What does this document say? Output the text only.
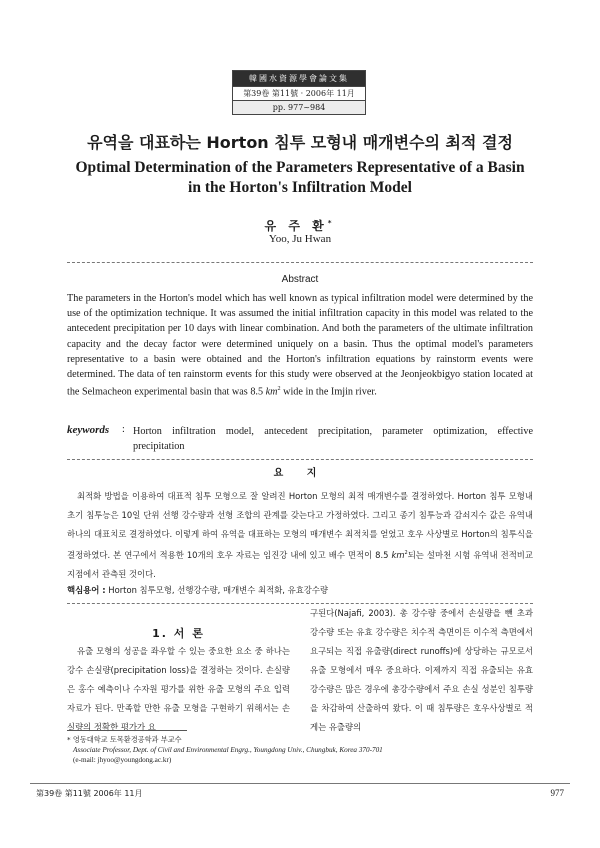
韓國水資源學會論文集
第39卷 第11號 · 2006年 11月
pp. 977~984
유역을 대표하는 Horton 침투 모형내 매개변수의 최적 결정
Optimal Determination of the Parameters Representative of a Basin
in the Horton's Infiltration Model
유 주 환*
Yoo, Ju Hwan
Abstract
The parameters in the Horton's model which has well known as typical infiltration model were determined by the use of the optimization technique. It was assumed the initial infiltration capacity in this model was related to the antecedent precipitation per 10 days with linear combination. And both the parameters of the ultimate infiltration capacity and the decay factor were determined uniquely on a basin. Thus the optimal model's parameters representative to a basin were obtained and the Horton's infiltration equations by rainstorm events were determined. The data of ten rainstorm events for this study were observed at the Jeonjeokbigyo station located at the Selmacheon experimental basin that was 8.5 $km^2$ wide in the Imjin river.
keywords : Horton infiltration model, antecedent precipitation, parameter optimization, effective precipitation
요 지

최적화 방법을 이용하여 대표적 침투 모형으로 잘 알려진 Horton 모형의 최적 매개변수를 결정하였다. Horton 침투 모형내 초기 침투능은 10일 단위 선행 강수량과 선형 조합의 관계를 갖는다고 가정하였다. 그리고 종기 침투능과 감쇠지수 값은 유역내 하나의 대표치로 결정하였다. 이렇게 하여 유역을 대표하는 모형의 매개변수 최적치를 얻었고 호우 사상별로 Horton의 침투식을 결정하였다. 본 연구에서 적용한 10개의 호우 자료는 임진강 내에 있고 배수 면적이 8.5 $km^2$되는 설마천 시험 유역내 전적비교 지점에서 관측된 것이다.

핵심용어 : Horton 침투모형, 선행강수량, 매개변수 최적화, 유효강수량
1. 서 론
유출 모형의 성공을 좌우할 수 있는 중요한 요소 중 하나는 강수 손실량(precipitation loss)을 결정하는 것이다. 손실량은 홍수 예측이나 수자원 평가를 위한 유출 모형의 주요 입력 자료가 된다. 만족할 만한 유출 모형을 구현하기 위해서는 손실량의 정확한 평가가 요
구된다(Najafi, 2003). 총 강수량 중에서 손실량을 뺀 초과 강수량 또는 유효 강수량은 치수적 측면이든 이수적 측면에서 요구되는 직접 유출량(direct runoffs)에 상당하는 규모로서 유출 모형에서 매우 중요하다. 이제까지 직접 유출되는 유효 강수량은 많은 경우에 총강수량에서 주요 손실 성분인 침투량을 차감하여 산출하여 왔다. 이 때 침투량은 호우사상별로 적게는 유출량의
* 영동대학교 토목환경공학과 부교수
Associate Professor, Dept. of Civil and Environmental Engrg., Youngdong Univ., Chungbuk, Korea 370-701
(e-mail: jhyoo@youngdong.ac.kr)
第39卷 第11號 2006年 11月	977
